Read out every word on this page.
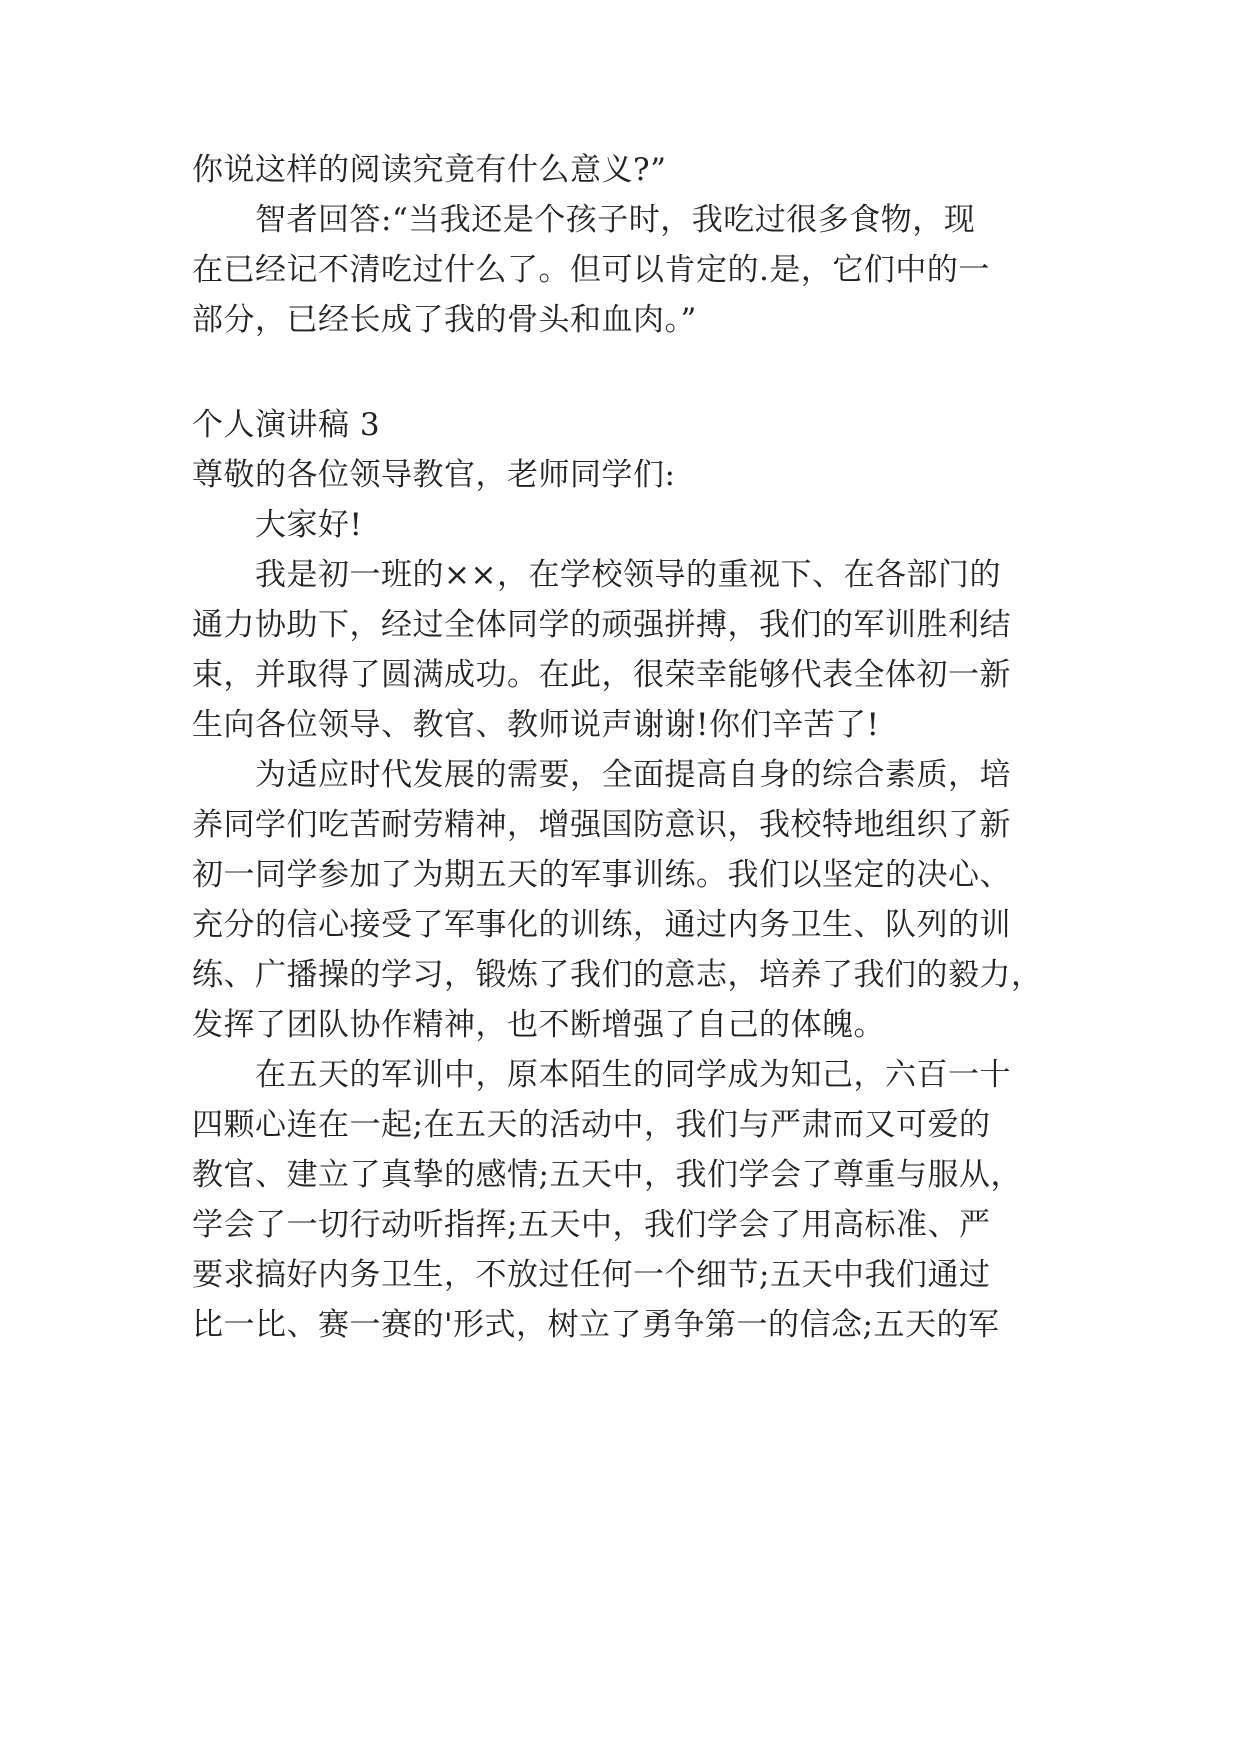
你说这样的阅读究竟有什么意义?”
智者回答:“当我还是个孩子时，我吃过很多食物，现
在已经记不清吃过什么了。但可以肯定的.是，它们中的一
部分，已经长成了我的骨头和血肉。”
个人演讲稿 3
尊敬的各位领导教官，老师同学们:
大家好!
我是初一班的××，在学校领导的重视下、在各部门的
通力协助下，经过全体同学的顽强拼搏，我们的军训胜利结
束，并取得了圆满成功。在此，很荣幸能够代表全体初一新
生向各位领导、教官、教师说声谢谢!你们辛苦了!
为适应时代发展的需要，全面提高自身的综合素质，培
养同学们吃苦耐劳精神，增强国防意识，我校特地组织了新
初一同学参加了为期五天的军事训练。我们以坚定的决心、
充分的信心接受了军事化的训练，通过内务卫生、队列的训
练、广播操的学习，锻炼了我们的意志，培养了我们的毅力，
发挥了团队协作精神，也不断增强了自己的体魄。
在五天的军训中，原本陌生的同学成为知己，六百一十
四颗心连在一起;在五天的活动中，我们与严肃而又可爱的
教官、建立了真挚的感情;五天中，我们学会了尊重与服从，
学会了一切行动听指挥;五天中，我们学会了用高标准、严
要求搞好内务卫生，不放过任何一个细节;五天中我们通过
比一比、赛一赛的'形式，树立了勇争第一的信念;五天的军
